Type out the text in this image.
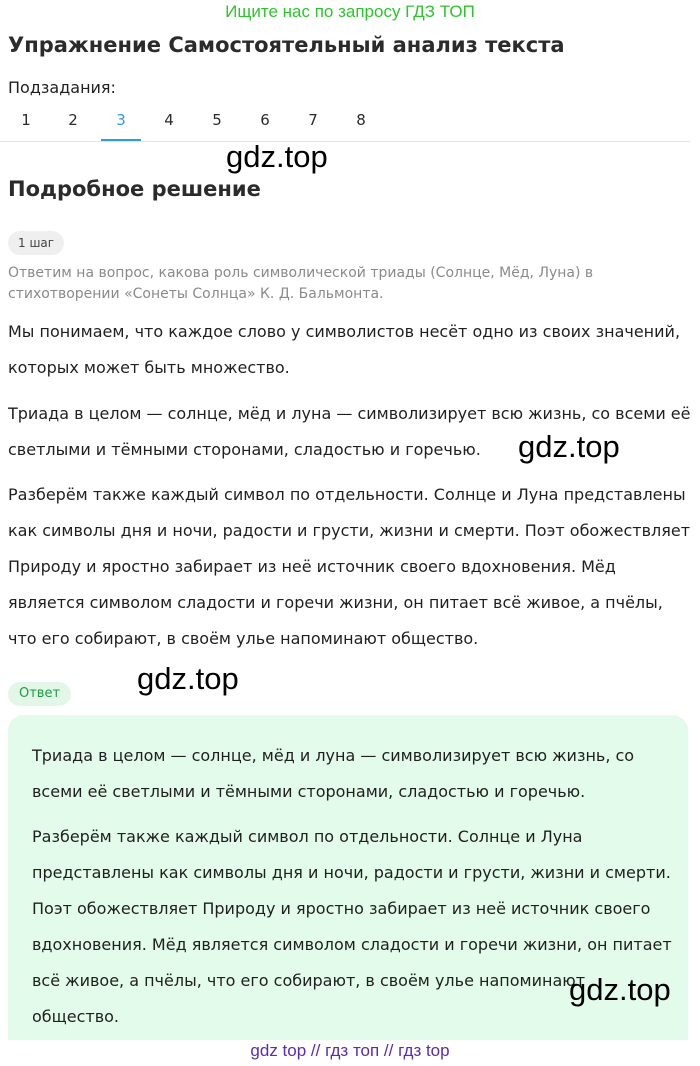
Ищите нас по запросу ГДЗ ТОП
Упражнение Самостоятельный анализ текста
Подзадания:
1	2	3	4	5	6	7	8
gdz.top
Подробное решение
1 шаг

Ответим на вопрос, какова роль символической триады (Солнце, Мёд, Луна) в стихотворении «Сонеты Солнца» К. Д. Бальмонта.

Мы понимаем, что каждое слово у символистов несёт одно из своих значений, которых может быть множество.

Триада в целом — солнце, мёд и луна — символизирует всю жизнь, со всеми её светлыми и тёмными сторонами, сладостью и горечью.	gdz.top

Разберём также каждый символ по отдельности. Солнце и Луна представлены как символы дня и ночи, радости и грусти, жизни и смерти. Поэт обожествляет Природу и яростно забирает из неё источник своего вдохновения. Мёд является символом сладости и горечи жизни, он питает всё живое, а пчёлы, что его собирают, в своём улье напоминают общество.

gdz.top
Ответ

Триада в целом — солнце, мёд и луна — символизирует всю жизнь, со всеми её светлыми и тёмными сторонами, сладостью и горечью.

Разберём также каждый символ по отдельности. Солнце и Луна представлены как символы дня и ночи, радости и грусти, жизни и смерти. Поэт обожествляет Природу и яростно забирает из неё источник своего вдохновения. Мёд является символом сладости и горечи жизни, он питает всё живое, а пчёлы, что его собирают, в своём улье напоминают общество.

gdz.top
gdz top // гдз топ // гдз top
